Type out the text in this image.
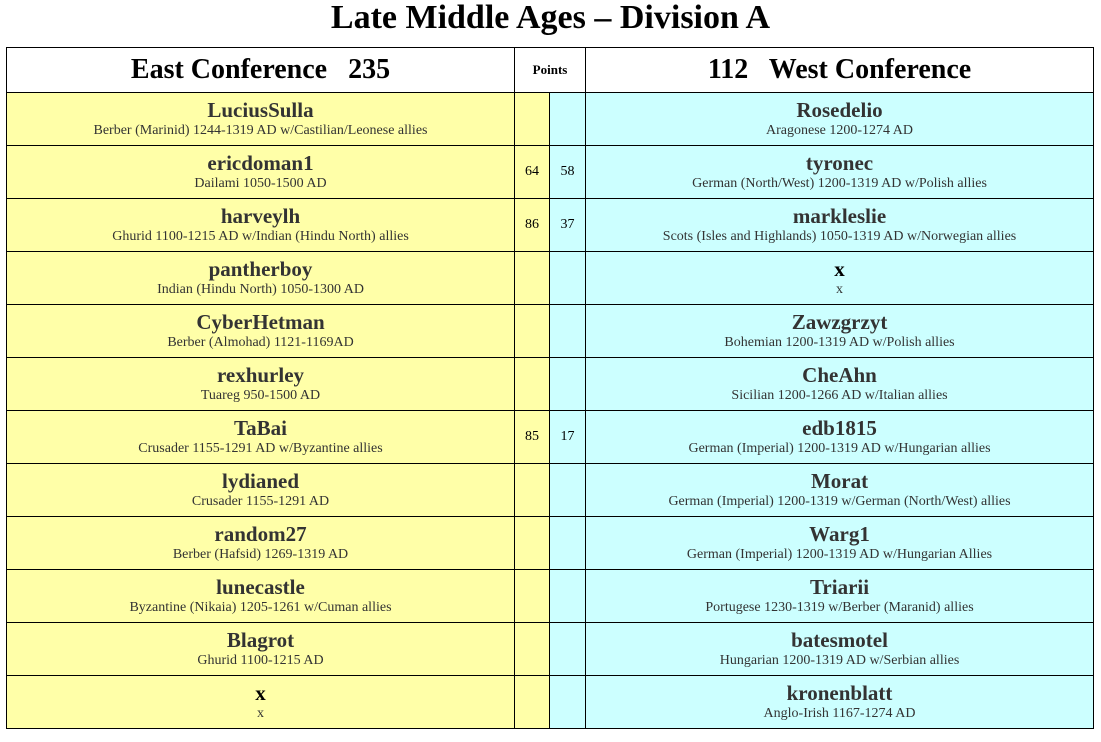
Late Middle Ages – Division A
East Conference   235	Points		112   West Conference

LuciusSulla
Berber (Marinid) 1244-1319 AD w/Castilian/Leonese allies			Rosedelio
Aragonese 1200-1274 AD

ericdoman1
Dailami 1050-1500 AD	64	58	tyronec
German (North/West) 1200-1319 AD w/Polish allies

harveylh
Ghurid 1100-1215 AD w/Indian (Hindu North) allies	86	37	markleslie
Scots (Isles and Highlands) 1050-1319 AD w/Norwegian allies

pantherboy
Indian (Hindu North) 1050-1300 AD			x
x

CyberHetman
Berber (Almohad) 1121-1169AD			Zawzgrzyt
Bohemian 1200-1319 AD w/Polish allies

rexhurley
Tuareg 950-1500 AD			CheAhn
Sicilian 1200-1266 AD w/Italian allies

TaBai
Crusader 1155-1291 AD w/Byzantine allies	85	17	edb1815
German (Imperial) 1200-1319 AD w/Hungarian allies

lydianed
Crusader 1155-1291 AD			Morat
German (Imperial) 1200-1319 w/German (North/West) allies

random27
Berber (Hafsid) 1269-1319 AD			Warg1
German (Imperial) 1200-1319 AD w/Hungarian Allies

lunecastle
Byzantine (Nikaia) 1205-1261 w/Cuman allies			Triarii
Portugese 1230-1319 w/Berber (Maranid) allies

Blagrot
Ghurid 1100-1215 AD			batesmotel
Hungarian 1200-1319 AD w/Serbian allies

x
x			kronenblatt
Anglo-Irish 1167-1274 AD
